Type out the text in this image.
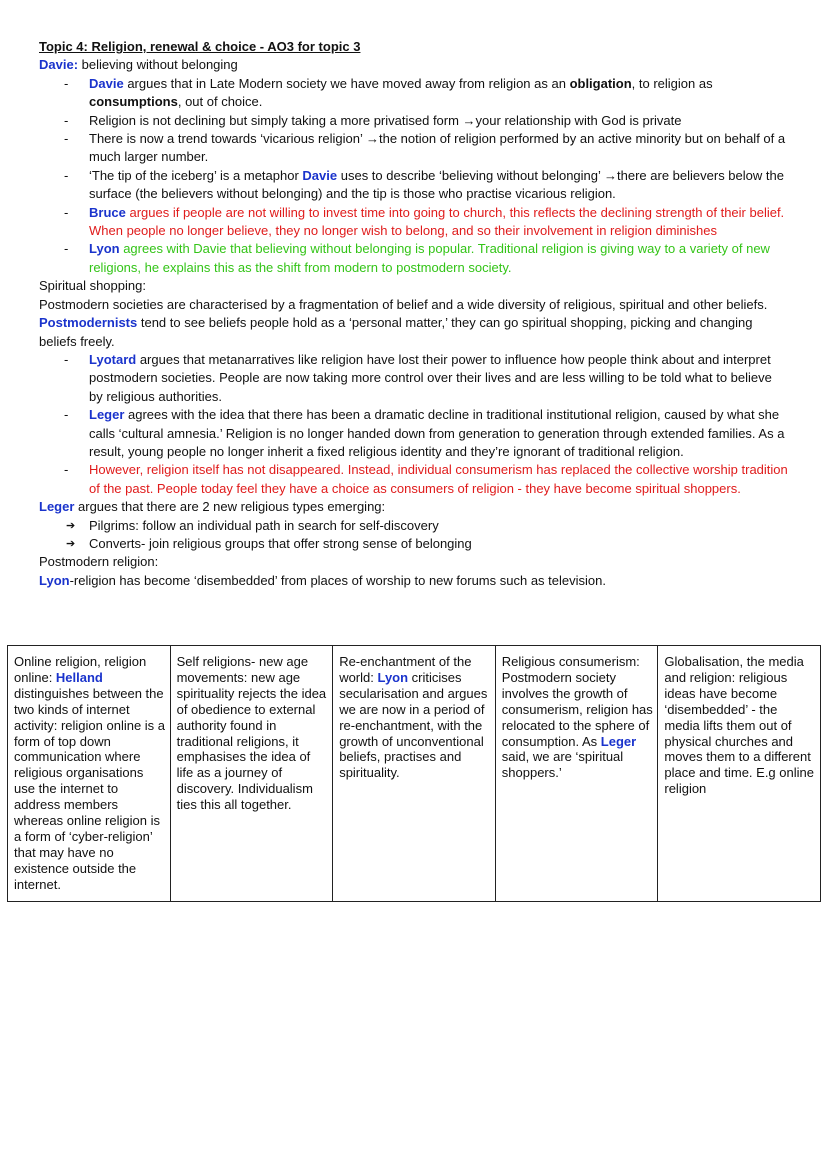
Topic 4: Religion, renewal & choice - AO3 for topic 3
Davie: believing without belonging
- Davie argues that in Late Modern society we have moved away from religion as an obligation, to religion as consumptions, out of choice.
- Religion is not declining but simply taking a more privatised form →your relationship with God is private
- There is now a trend towards ‘vicarious religion’ →the notion of religion performed by an active minority but on behalf of a much larger number.
- ‘The tip of the iceberg’ is a metaphor Davie uses to describe ‘believing without belonging’ →there are believers below the surface (the believers without belonging) and the tip is those who practise vicarious religion.
- Bruce argues if people are not willing to invest time into going to church, this reflects the declining strength of their belief. When people no longer believe, they no longer wish to belong, and so their involvement in religion diminishes
- Lyon agrees with Davie that believing without belonging is popular. Traditional religion is giving way to a variety of new religions, he explains this as the shift from modern to postmodern society.
Spiritual shopping:
Postmodern societies are characterised by a fragmentation of belief and a wide diversity of religious, spiritual and other beliefs. Postmodernists tend to see beliefs people hold as a ‘personal matter,’ they can go spiritual shopping, picking and changing beliefs freely.
- Lyotard argues that metanarratives like religion have lost their power to influence how people think about and interpret postmodern societies. People are now taking more control over their lives and are less willing to be told what to believe by religious authorities.
- Leger agrees with the idea that there has been a dramatic decline in traditional institutional religion, caused by what she calls ‘cultural amnesia.’ Religion is no longer handed down from generation to generation through extended families. As a result, young people no longer inherit a fixed religious identity and they’re ignorant of traditional religion.
- However, religion itself has not disappeared. Instead, individual consumerism has replaced the collective worship tradition of the past. People today feel they have a choice as consumers of religion - they have become spiritual shoppers.
Leger argues that there are 2 new religious types emerging:
➔ Pilgrims: follow an individual path in search for self-discovery
➔ Converts- join religious groups that offer strong sense of belonging
Postmodern religion:
Lyon-religion has become ‘disembedded’ from places of worship to new forums such as television.
Online religion, religion online: Helland distinguishes between the two kinds of internet activity: religion online is a form of top down communication where religious organisations use the internet to address members whereas online religion is a form of ‘cyber-religion’ that may have no existence outside the internet.	Self religions- new age movements: new age spirituality rejects the idea of obedience to external authority found in traditional religions, it emphasises the idea of life as a journey of discovery. Individualism ties this all together.	Re-enchantment of the world: Lyon criticises secularisation and argues we are now in a period of re-enchantment, with the growth of unconventional beliefs, practises and spirituality.	Religious consumerism: Postmodern society involves the growth of consumerism, religion has relocated to the sphere of consumption. As Leger said, we are ‘spiritual shoppers.’	Globalisation, the media and religion: religious ideas have become ‘disembedded’ - the media lifts them out of physical churches and moves them to a different place and time. E.g online religion
